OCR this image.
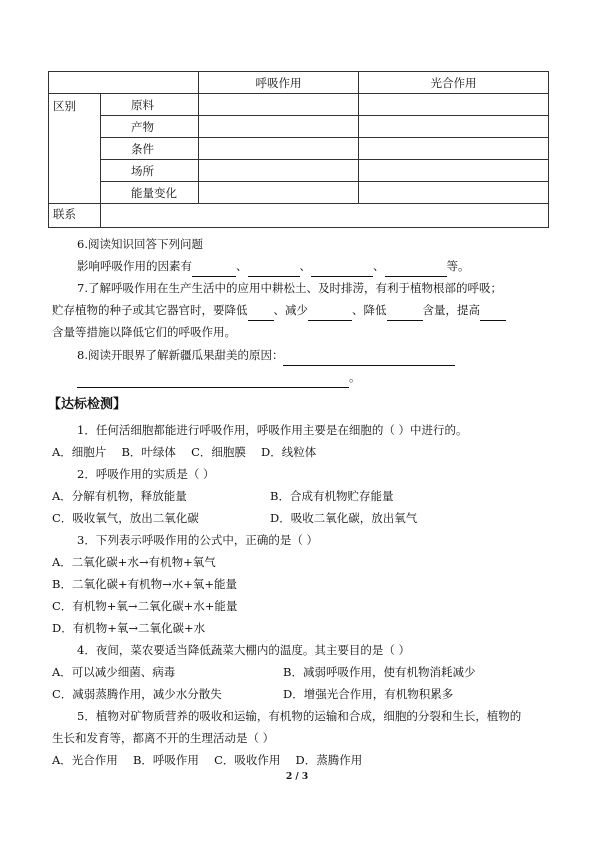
		呼吸作用	光合作用
区别	原料		
	产物		
	条件		
	场所		
	能量变化		
联系			
6.阅读知识回答下列问题
影响呼吸作用的因素有	、	、	、	等。
7.了解呼吸作用在生产生活中的应用中耕松土、及时排涝，有利于植物根部的呼吸；
贮存植物的种子或其它器官时，要降低 、减少	、降低	含量，提高
含量等措施以降低它们的呼吸作用。
8.阅读开眼界了解新疆瓜果甜美的原因：
。
【达标检测】
1．任何活细胞都能进行呼吸作用，呼吸作用主要是在细胞的（ ）中进行的。
A．细胞片　 B．叶绿体　 C．细胞膜　 D．线粒体
2．呼吸作用的实质是（ ）
A．分解有机物，释放能量	B．合成有机物贮存能量
C．吸收氧气，放出二氧化碳	D．吸收二氧化碳，放出氧气
3．下列表示呼吸作用的公式中，正确的是（ ）
A．二氧化碳+水→有机物+氧气
B．二氧化碳+有机物→水+氧+能量
C．有机物+氧→二氧化碳+水+能量
D．有机物+氧→二氧化碳+水
4．夜间，菜农要适当降低蔬菜大棚内的温度。其主要目的是（ ）
A．可以减少细菌、病毒	B．减弱呼吸作用，使有机物消耗减少
C．减弱蒸腾作用，减少水分散失	D．增强光合作用，有机物积累多
5．植物对矿物质营养的吸收和运输，有机物的运输和合成，细胞的分裂和生长，植物的
生长和发育等，都离不开的生理活动是（ ）
A．光合作用　 B．呼吸作用　 C．吸收作用　 D．蒸腾作用
2 / 3
